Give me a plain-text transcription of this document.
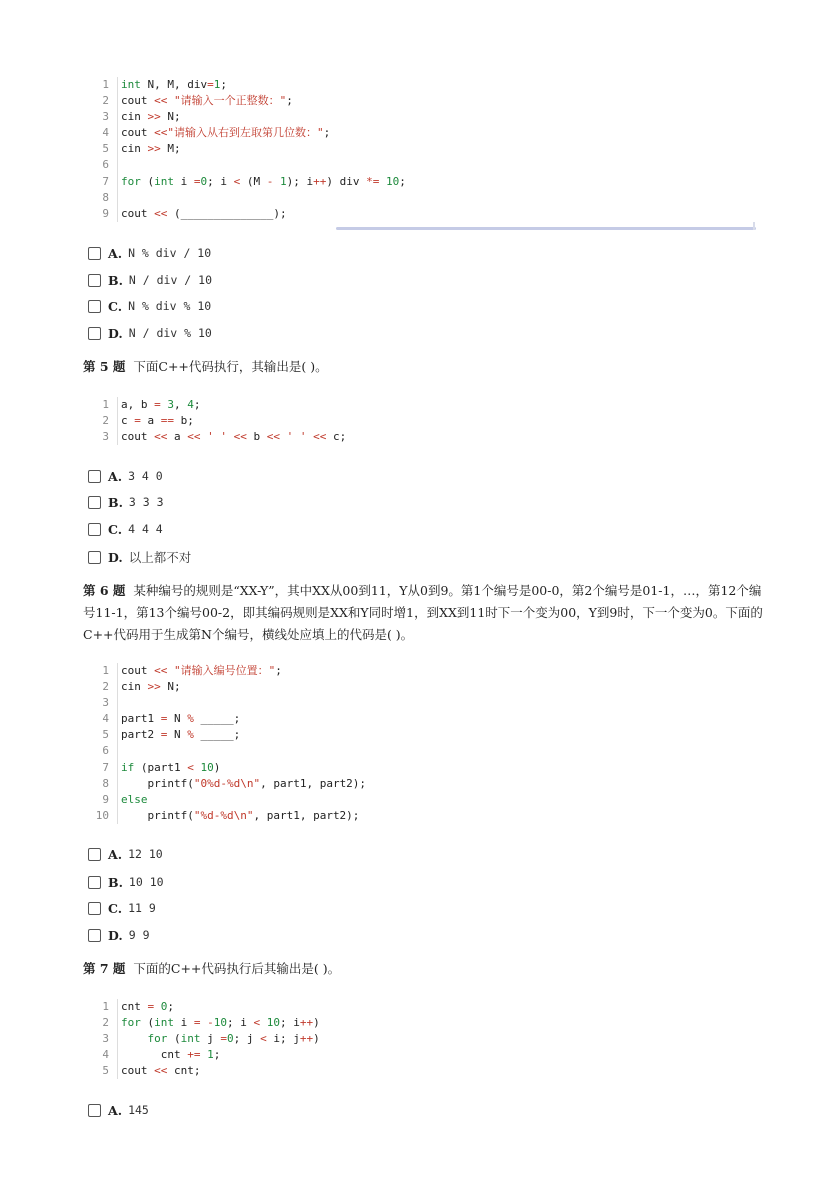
1	int N, M, div=1;
2	cout << "请输入一个正整数：";
3	cin >> N;
4	cout <<"请输入从右到左取第几位数：";
5	cin >> M;
6

7	for (int i =0; i < (M - 1); i++) div *= 10;
8

9	cout << (______________);
A. N % div / 10
B. N / div / 10
C. N % div % 10
D. N / div % 10
第 5 题 下面C++代码执行，其输出是( )。
1	a, b = 3, 4;
2	c = a == b;
3	cout << a << ' ' << b << ' ' << c;
A. 3 4 0
B. 3 3 3
C. 4 4 4
D. 以上都不对
第 6 题 某种编号的规则是“XX-Y”，其中XX从00到11，Y从0到9。第1个编号是00-0，第2个编号是01-1，…，第12个编号11-1，第13个编号00-2，即其编码规则是XX和Y同时增1，到XX到11时下一个变为00，Y到9时，下一个变为0。下面的C++代码用于生成第N个编号，横线处应填上的代码是( )。
1	cout << "请输入编号位置：";
2	cin >> N;
3

4	part1 = N % _____;
5	part2 = N % _____;
6

7	if (part1 < 10)
8	printf("0%d-%d\n", part1, part2);
9	else
10	printf("%d-%d\n", part1, part2);
A. 12 10
B. 10 10
C. 11 9
D. 9 9
第 7 题 下面的C++代码执行后其输出是( )。
1	cnt = 0;
2	for (int i = -10; i < 10; i++)
3	for (int j =0; j < i; j++)
4	cnt += 1;
5	cout << cnt;
A. 145
